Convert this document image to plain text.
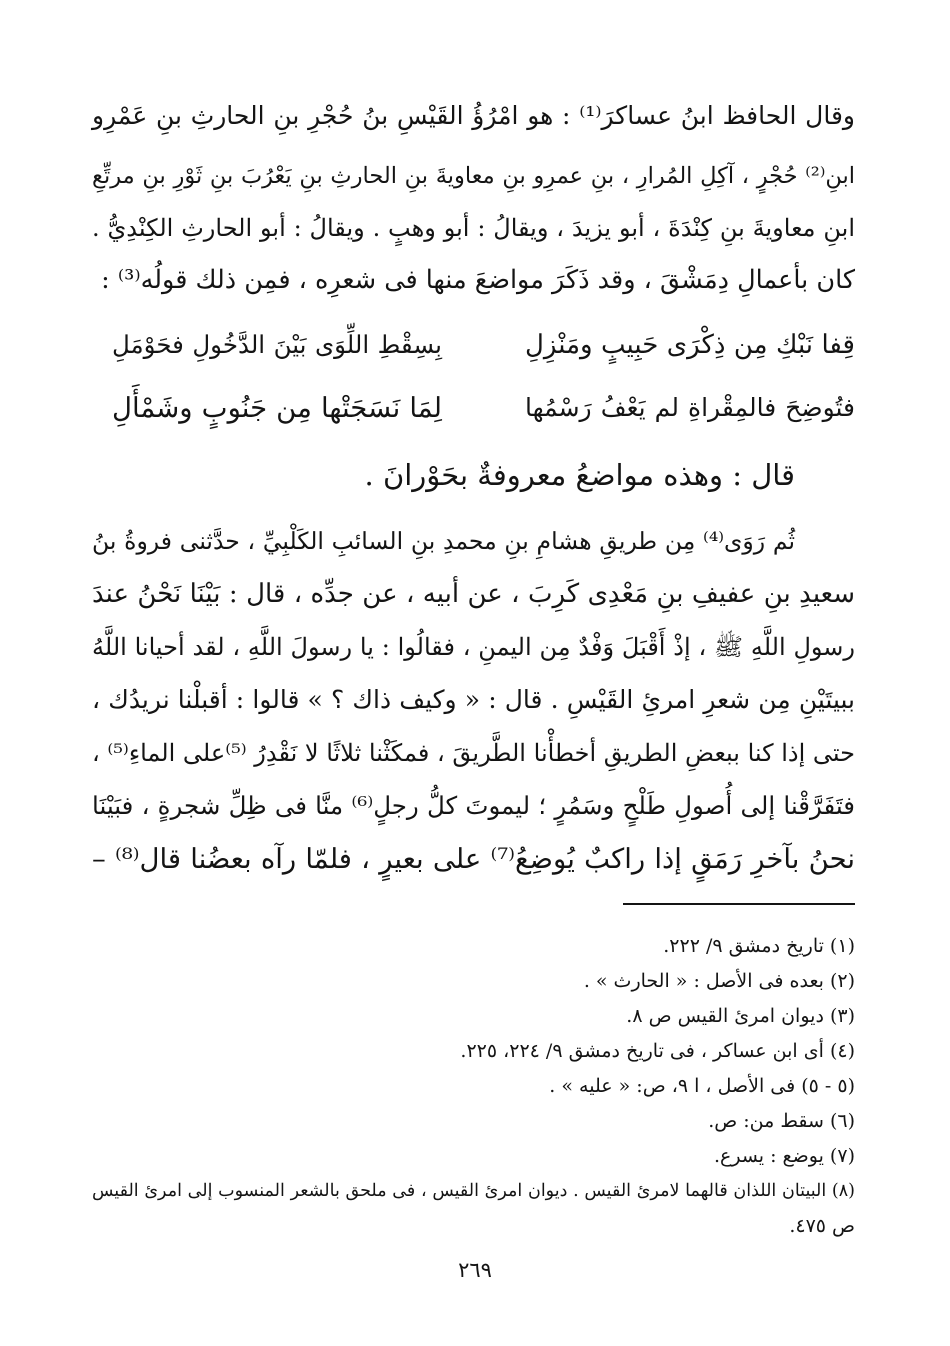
وقال الحافظ ابنُ عساكرَ⁽¹⁾ : هو امْرُؤُ القَيْسِ بنُ حُجْرِ بنِ الحارثِ بنِ عَمْرِو
ابنِ⁽²⁾ حُجْرٍ ، آكِلِ المُرارِ ، بنِ عمرِو بنِ معاويةَ بنِ الحارثِ بنِ يَعْرُبَ بنِ ثَوْرِ بنِ مرتِّعِ
ابنِ معاويةَ بنِ كِنْدَةَ ، أبو يزيدَ ، ويقالُ : أبو وهبٍ . ويقالُ : أبو الحارثِ الكِنْدِيُّ .
كان بأعمالِ دِمَشْقَ ، وقد ذَكَرَ مواضعَ منها فى شعرِه ، فمِن ذلك قولُه⁽³⁾ :
قِفا نَبْكِ مِن ذِكْرَى حَبِيبٍ ومَنْزِلِ
بِسِقْطِ اللِّوَى بَيْنَ الدَّخُولِ فحَوْمَلِ
فتُوضِحَ فالمِقْراةِ لم يَعْفُ رَسْمُها
لِمَا نَسَجَتْها مِن جَنُوبٍ وشَمْأَلِ
قال : وهذه مواضعُ معروفةٌ بحَوْرانَ .
ثُم رَوَى⁽⁴⁾ مِن طريقِ هشامِ بنِ محمدِ بنِ السائبِ الكَلْبِيِّ ، حدَّثنى فروةُ بنُ
سعيدِ بنِ عفيفِ بنِ مَعْدِى كَرِبَ ، عن أبيه ، عن جدِّه ، قال : بَيْنَا نَحْنُ عندَ
رسولِ اللَّهِ ﷺ ، إذْ أَقْبَلَ وَفْدٌ مِن اليمنِ ، فقالُوا : يا رسولَ اللَّهِ ، لقد أحيانا اللَّهُ
ببيتَيْنِ مِن شعرِ امرئِ القَيْسِ . قال : « وكيف ذاك ؟ » قالوا : أقبلْنا نريدُك ،
حتى إذا كنا ببعضِ الطريقِ أخطأْنا الطَّريقَ ، فمكَثْنا ثلاثًا لا نَقْدِرُ ⁽⁵⁾على الماءِ⁽⁵⁾ ،
فتَفَرَّقْنا إلى أُصولِ طَلْحٍ وسَمُرٍ ؛ ليموتَ كلُّ رجلٍ⁽⁶⁾ منَّا فى ظِلِّ شجرةٍ ، فبَيْنَا
نحنُ بآخرِ رَمَقٍ إذا راكبٌ يُوضِعُ⁽⁷⁾ على بعيرٍ ، فلمّا رآه بعضُنا قال⁽⁸⁾ –
(١) تاريخ دمشق ٩/ ٢٢٢.
(٢) بعده فى الأصل : « الحارث » .
(٣) ديوان امرئ القيس ص ٨.
(٤) أى ابن عساكر ، فى تاريخ دمشق ٩/ ٢٢٤، ٢٢٥.
(٥ - ٥) فى الأصل ، ا ٩، ص: « عليه » .
(٦) سقط من: ص.
(٧) يوضع : يسرع.
(٨) البيتان اللذان قالهما لامرئ القيس . ديوان امرئ القيس ، فى ملحق بالشعر المنسوب إلى امرئ القيس
ص ٤٧٥.
٢٦٩
